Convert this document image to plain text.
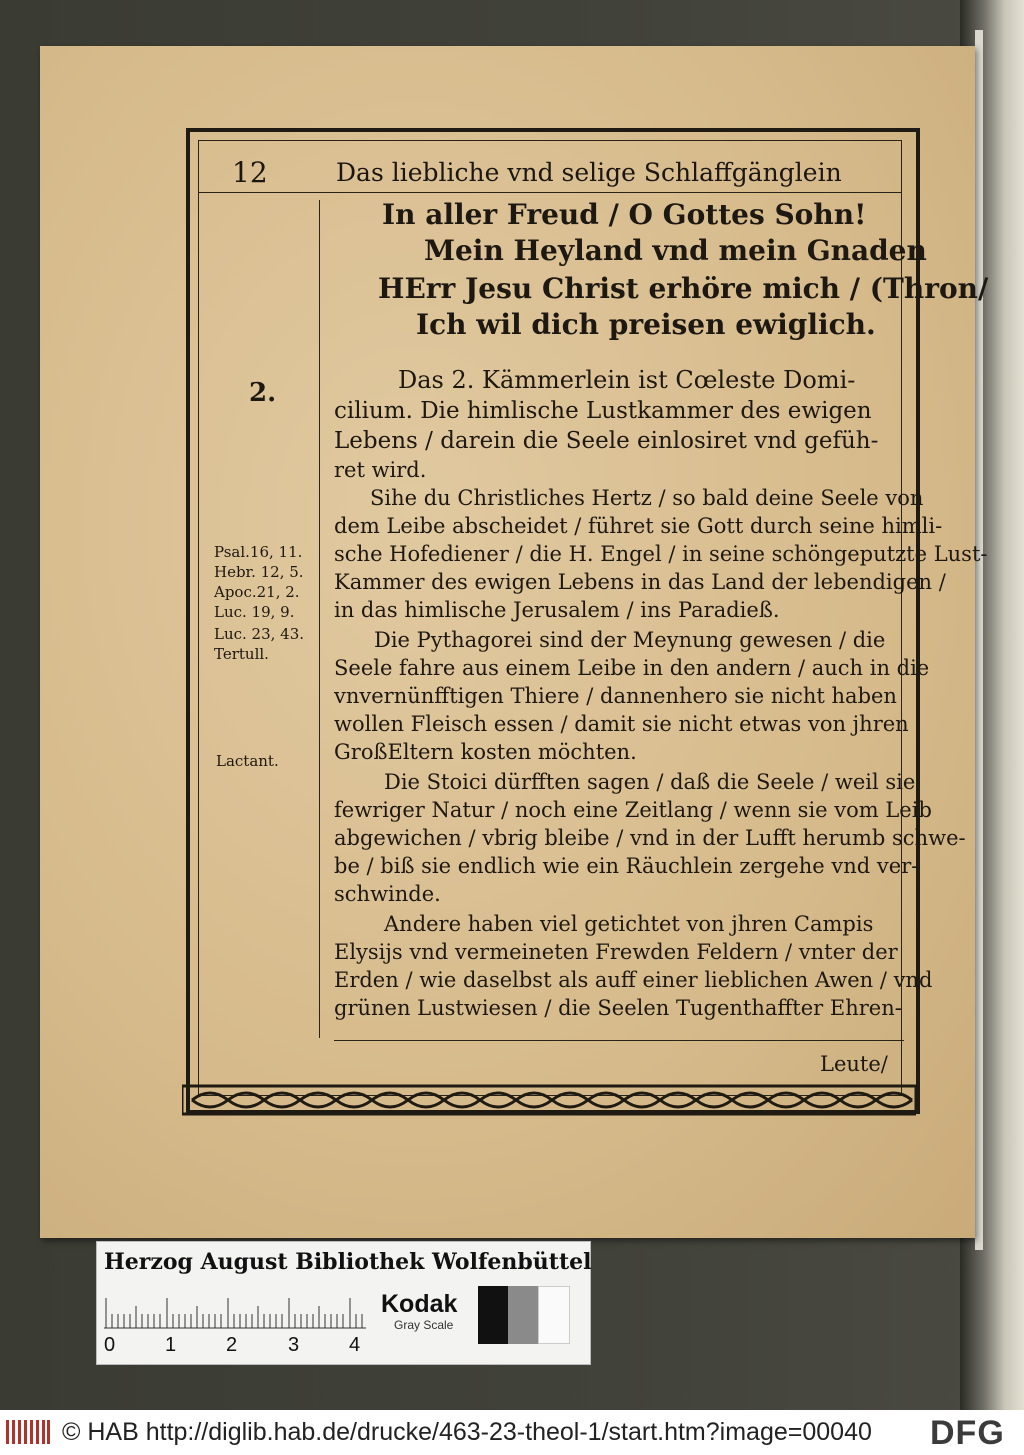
12	Das liebliche vnd selige Schlaffgänglein
In aller Freud / O Gottes Sohn!
Mein Heyland vnd mein Gnaden
HErr Jesu Christ erhöre mich / (Thron/
Ich wil dich preisen ewiglich.
2.	Das 2. Kämmerlein ist Cœleste Domi-
cilium. Die himlische Lustkammer des ewigen
Lebens / darein die Seele einlosiret vnd gefüh-
ret wird.
Sihe du Christliches Hertz / so bald deine Seele von
dem Leibe abscheidet / führet sie Gott durch seine himli-
sche Hofediener / die H. Engel / in seine schöngeputzte Lust-
Kammer des ewigen Lebens in das Land der lebendigen /
in das himlische Jerusalem / ins Paradieß.
Die Pythagorei sind der Meynung gewesen / die
Seele fahre aus einem Leibe in den andern / auch in die
vnvernünfftigen Thiere / dannenhero sie nicht haben
wollen Fleisch essen / damit sie nicht etwas von jhren
GroßEltern kosten möchten.
Die Stoici dürfften sagen / daß die Seele / weil sie
fewriger Natur / noch eine Zeitlang / wenn sie vom Leib
abgewichen / vbrig bleibe / vnd in der Lufft herumb schwe-
be / biß sie endlich wie ein Räuchlein zergehe vnd ver-
schwinde.
Andere haben viel getichtet von jhren Campis
Elysijs vnd vermeineten Frewden Feldern / vnter der
Erden / wie daselbst als auff einer lieblichen Awen / vnd
grünen Lustwiesen / die Seelen Tugenthaffter Ehren-
Psal.16, 11.
Hebr. 12, 5.
Apoc.21, 2.
Luc. 19, 9.
Luc. 23, 43.
Tertull.
Lactant.
Leute/
Herzog August Bibliothek Wolfenbüttel
0 1 2	3 4
Kodak
Gray Scale
© HAB http://diglib.hab.de/drucke/463-23-theol-1/start.htm?image=00040 DFG
